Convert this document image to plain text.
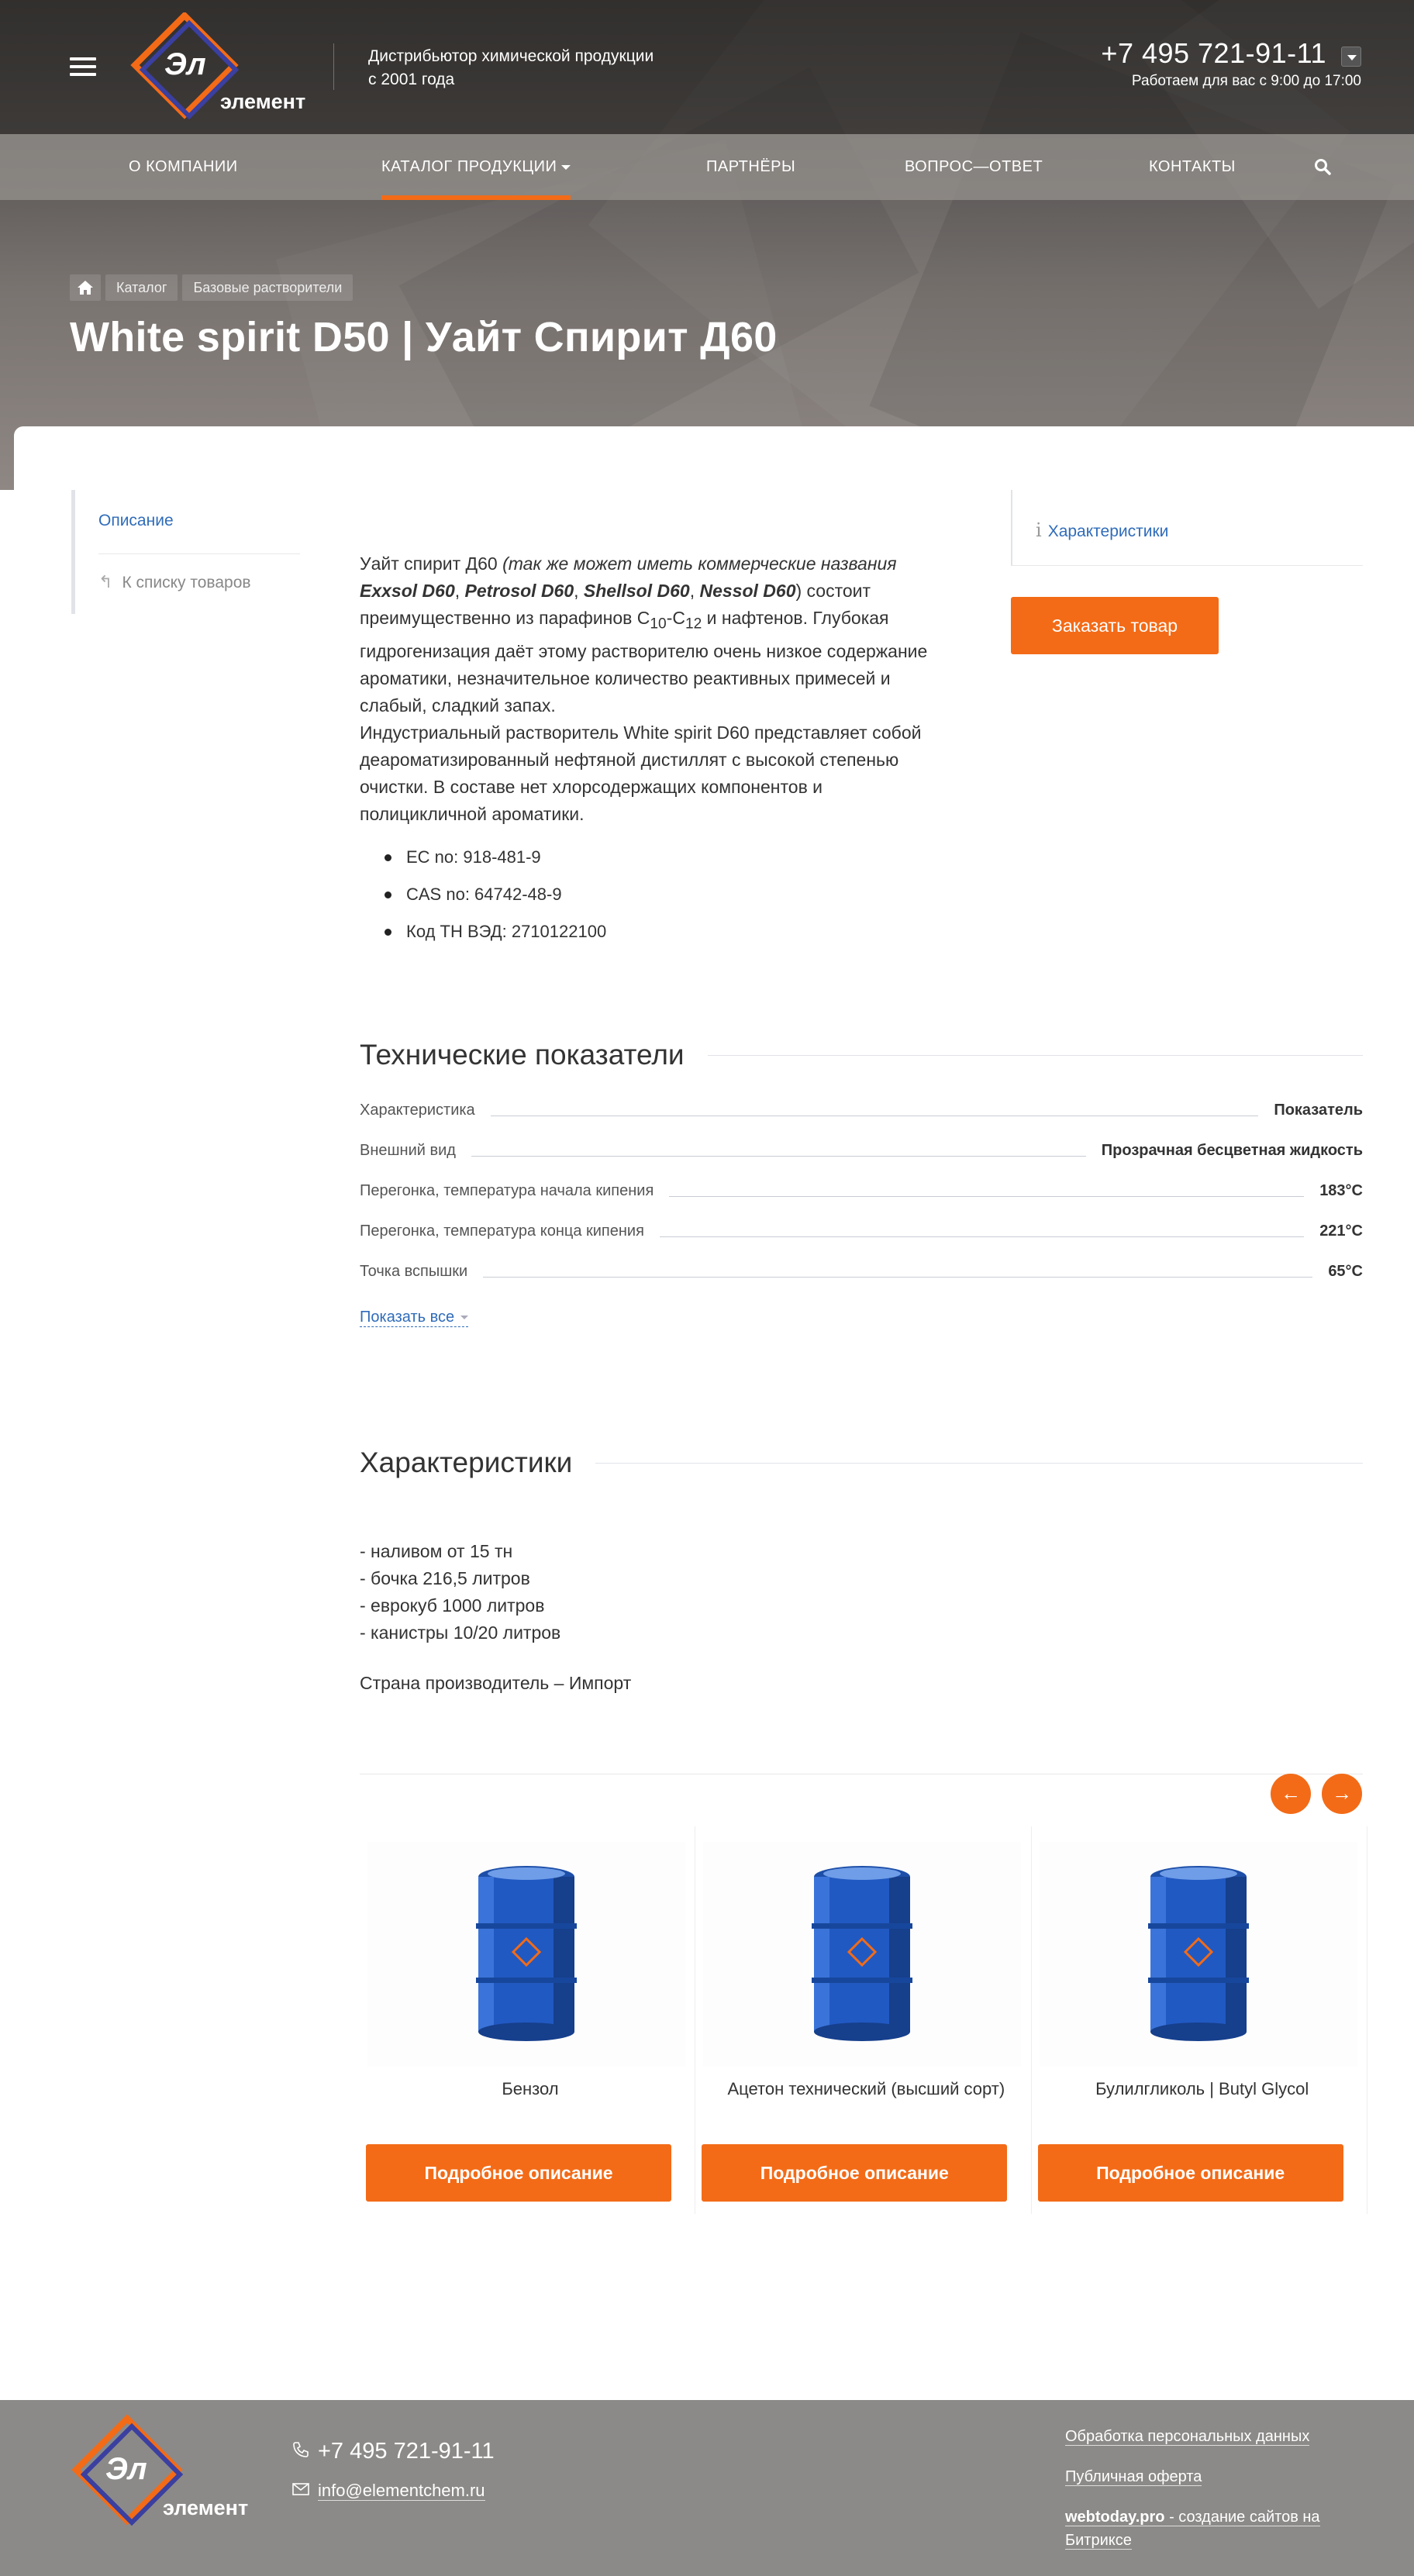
Эл
элемент
Дистрибьютор химической продукции
с 2001 года
+7 495 721-91-11
Работаем для вас с 9:00 до 17:00
О КОМПАНИИ	КАТАЛОГ ПРОДУКЦИИ	ПАРТНЁРЫ	ВОПРОС—ОТВЕТ	КОНТАКТЫ
Каталог	Базовые растворители
White spirit D50 | Уайт Спирит Д60
Описание
↰ К списку товаров

Уайт спирит Д60 (так же может иметь коммерческие названия Exxsol D60, Petrosol D60, Shellsol D60, Nessol D60) состоит преимущественно из парафинов $C_{10}-C_{12}$ и нафтенов. Глубокая гидрогенизация даёт этому растворителю очень низкое содержание ароматики, незначительное количество реактивных примесей и слабый, сладкий запах.

Индустриальный растворитель White spirit D60 представляет собой деароматизированный нефтяной дистиллят с высокой степенью очистки. В составе нет хлорсодержащих компонентов и полицикличной ароматики.

EC no: 918-481-9
CAS no: 64742-48-9
Код ТН ВЭД: 2710122100
i Характеристики
Заказать товар
Технические показатели
Характеристика	Показатель
Внешний вид	Прозрачная бесцветная жидкость
Перегонка, температура начала кипения	183°С
Перегонка, температура конца кипения	221°С
Точка вспышки	65°С
Показать все
Характеристики
- наливом от 15 тн
- бочка 216,5 литров
- еврокуб 1000 литров
- канистры 10/20 литров
Страна производитель – Импорт
←	→
Бензол
Подробное описание
Ацетон технический (высший сорт)
Подробное описание
Булилгликоль | Butyl Glycol
Подробное описание
Эл
элемент
+7 495 721-91-11
info@elementchem.ru
Обработка персональных данных
Публичная оферта
webtoday.pro - создание сайтов на Битриксе
